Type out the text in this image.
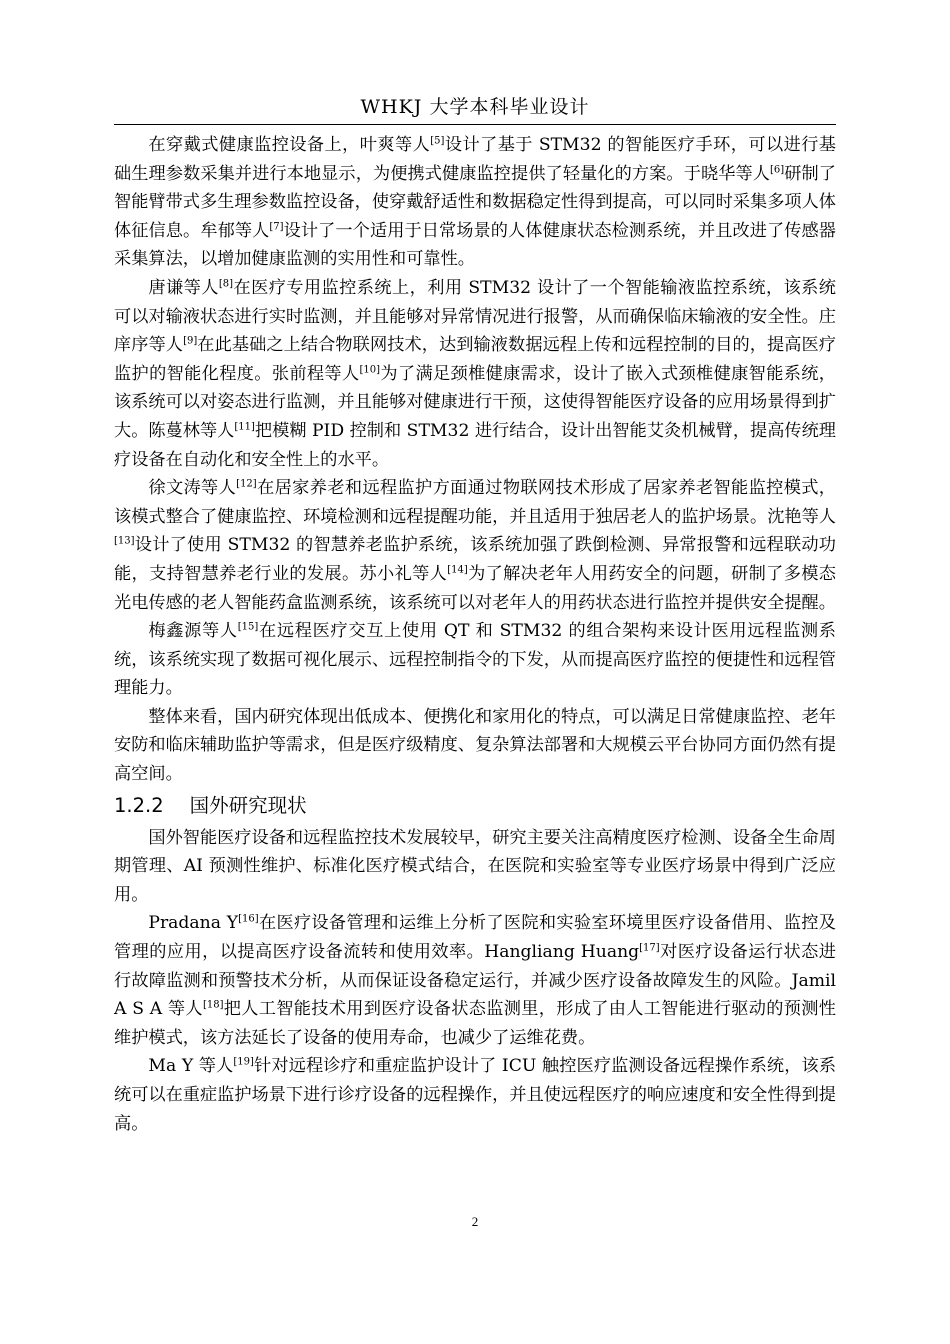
WHKJ 大学本科毕业设计

在穿戴式健康监控设备上，叶爽等人[5]设计了基于 STM32 的智能医疗手环，可以进行基础生理参数采集并进行本地显示，为便携式健康监控提供了轻量化的方案。于晓华等人[6]研制了智能臂带式多生理参数监控设备，使穿戴舒适性和数据稳定性得到提高，可以同时采集多项人体体征信息。牟郁等人[7]设计了一个适用于日常场景的人体健康状态检测系统，并且改进了传感器采集算法，以增加健康监测的实用性和可靠性。

唐谦等人[8]在医疗专用监控系统上，利用 STM32 设计了一个智能输液监控系统，该系统可以对输液状态进行实时监测，并且能够对异常情况进行报警，从而确保临床输液的安全性。庄庠序等人[9]在此基础之上结合物联网技术，达到输液数据远程上传和远程控制的目的，提高医疗监护的智能化程度。张前程等人[10]为了满足颈椎健康需求，设计了嵌入式颈椎健康智能系统，该系统可以对姿态进行监测，并且能够对健康进行干预，这使得智能医疗设备的应用场景得到扩大。陈蔓林等人[11]把模糊 PID 控制和 STM32 进行结合，设计出智能艾灸机械臂，提高传统理疗设备在自动化和安全性上的水平。

徐文涛等人[12]在居家养老和远程监护方面通过物联网技术形成了居家养老智能监控模式，该模式整合了健康监控、环境检测和远程提醒功能，并且适用于独居老人的监护场景。沈艳等人[13]设计了使用 STM32 的智慧养老监护系统，该系统加强了跌倒检测、异常报警和远程联动功能，支持智慧养老行业的发展。苏小礼等人[14]为了解决老年人用药安全的问题，研制了多模态光电传感的老人智能药盒监测系统，该系统可以对老年人的用药状态进行监控并提供安全提醒。

梅鑫源等人[15]在远程医疗交互上使用 QT 和 STM32 的组合架构来设计医用远程监测系统，该系统实现了数据可视化展示、远程控制指令的下发，从而提高医疗监控的便捷性和远程管理能力。

整体来看，国内研究体现出低成本、便携化和家用化的特点，可以满足日常健康监控、老年安防和临床辅助监护等需求，但是医疗级精度、复杂算法部署和大规模云平台协同方面仍然有提高空间。

1.2.2 国外研究现状

国外智能医疗设备和远程监控技术发展较早，研究主要关注高精度医疗检测、设备全生命周期管理、AI 预测性维护、标准化医疗模式结合，在医院和实验室等专业医疗场景中得到广泛应用。

Pradana Y[16]在医疗设备管理和运维上分析了医院和实验室环境里医疗设备借用、监控及管理的应用，以提高医疗设备流转和使用效率。Hangliang Huang[17]对医疗设备运行状态进行故障监测和预警技术分析，从而保证设备稳定运行，并减少医疗设备故障发生的风险。Jamil A S A 等人[18]把人工智能技术用到医疗设备状态监测里，形成了由人工智能进行驱动的预测性维护模式，该方法延长了设备的使用寿命，也减少了运维花费。

Ma Y 等人[19]针对远程诊疗和重症监护设计了 ICU 触控医疗监测设备远程操作系统，该系统可以在重症监护场景下进行诊疗设备的远程操作，并且使远程医疗的响应速度和安全性得到提高。

2
